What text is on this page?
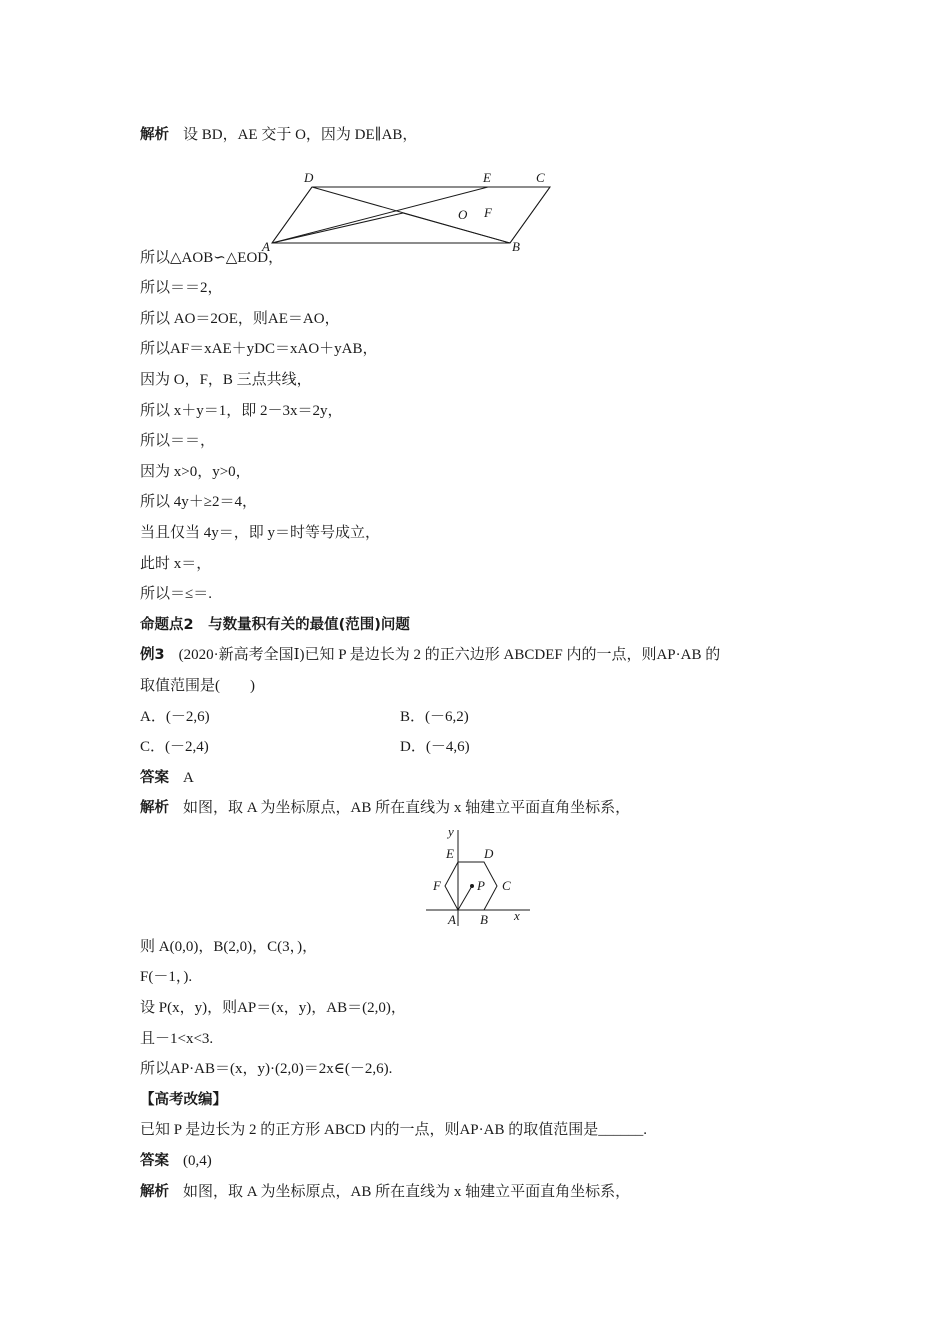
解析 设 BD，AE 交于 O，因为 DE∥AB，
D	E	C
O F
A	B
所以△AOB∽△EOD，
所以＝＝2，
所以 AO＝2OE，则AE＝AO，
所以AF＝xAE＋yDC＝xAO＋yAB，
因为 O，F，B 三点共线，
所以 x＋y＝1，即 2－3x＝2y，
所以＝＝，
因为 x>0，y>0，
所以 4y＋≥2＝4，
当且仅当 4y＝，即 y＝时等号成立，
此时 x＝，
所以＝≤＝.
命题点2　与数量积有关的最值(范围)问题
例3 (2020·新高考全国Ⅰ)已知 P 是边长为 2 的正六边形 ABCDEF 内的一点，则AP·AB 的
取值范围是(　　)
A．(－2,6)	B．(－6,2)
C．(－2,4)	D．(－4,6)
答案 A
解析 如图，取 A 为坐标原点，AB 所在直线为 x 轴建立平面直角坐标系，
y
E D
F	P C
A B x
则 A(0,0)，B(2,0)，C(3，)，
F(－1，).
设 P(x，y)，则AP＝(x，y)，AB＝(2,0)，
且－1<x<3.
所以AP·AB＝(x，y)·(2,0)＝2x∈(－2,6).
【高考改编】
已知 P 是边长为 2 的正方形 ABCD 内的一点，则AP·AB 的取值范围是______.
答案 (0,4)
解析 如图，取 A 为坐标原点，AB 所在直线为 x 轴建立平面直角坐标系，
